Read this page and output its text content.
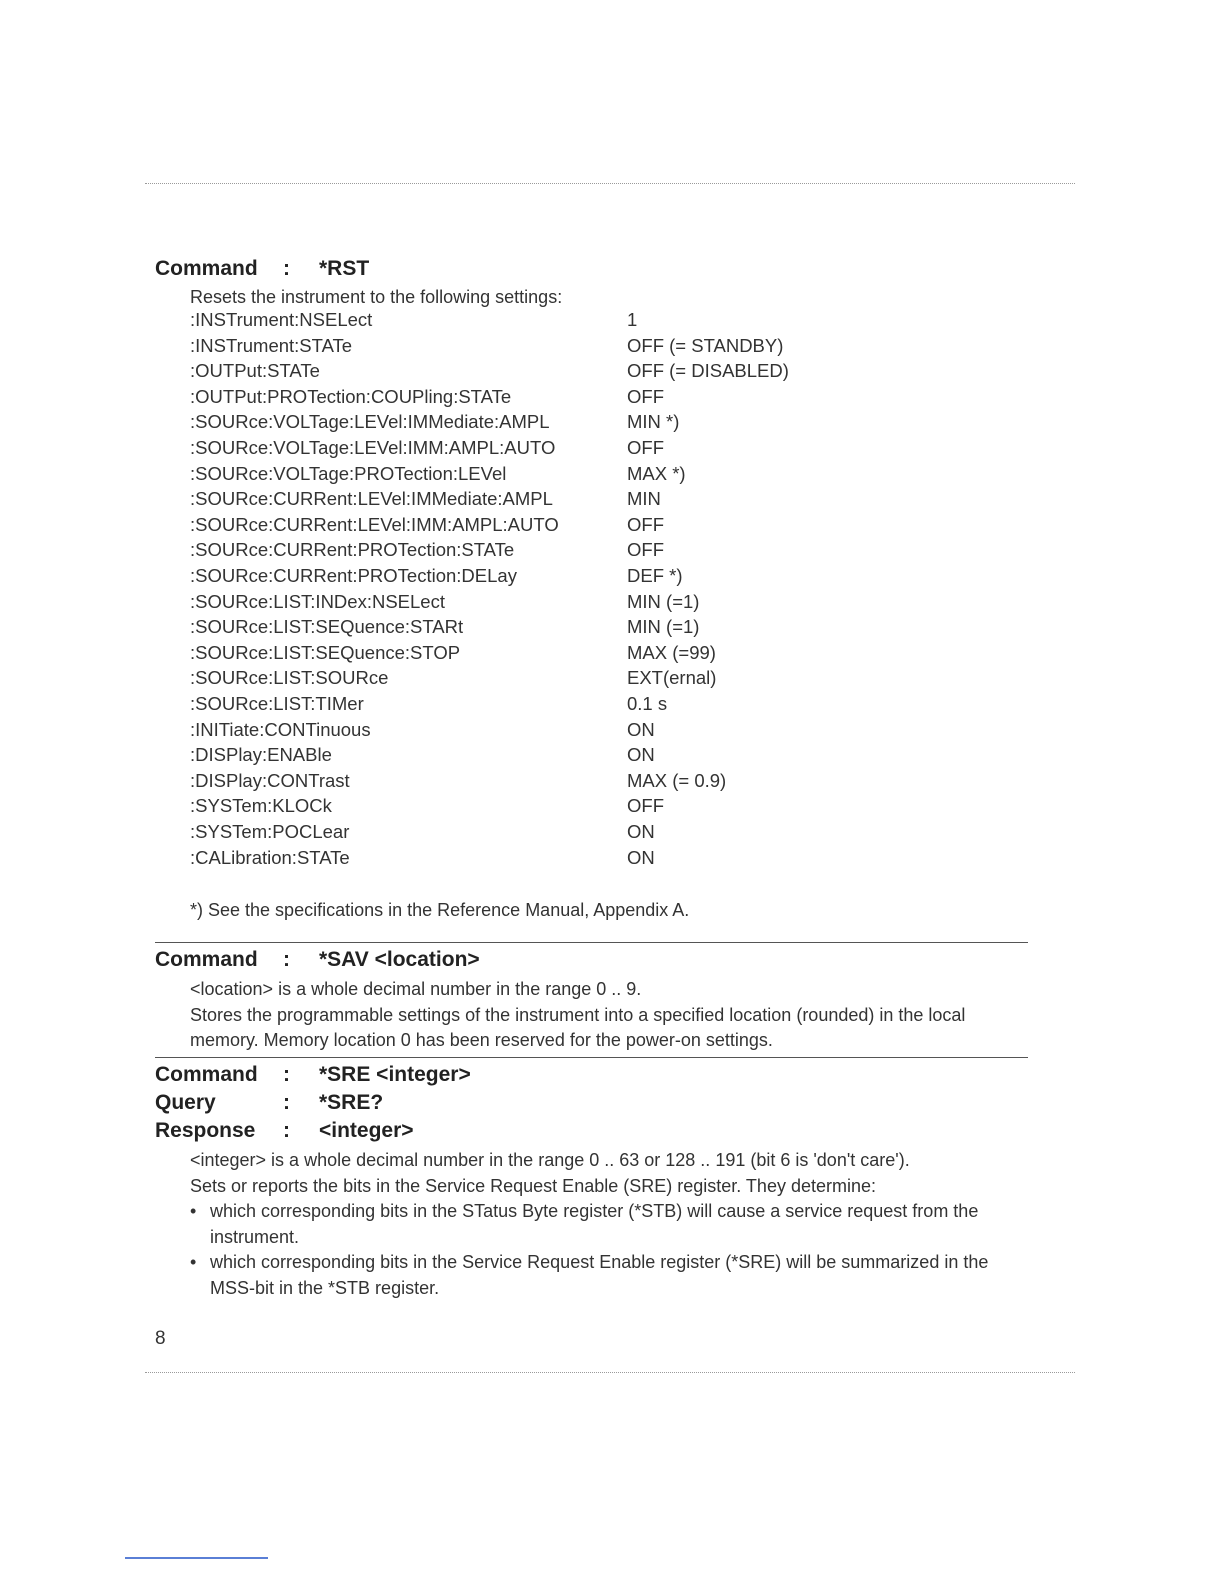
Command : *RST
Resets the instrument to the following settings:
:INSTrument:NSELect	1
:INSTrument:STATe	OFF (= STANDBY)
:OUTPut:STATe	OFF (= DISABLED)
:OUTPut:PROTection:COUPling:STATe	OFF
:SOURce:VOLTage:LEVel:IMMediate:AMPL	MIN *)
:SOURce:VOLTage:LEVel:IMM:AMPL:AUTO	OFF
:SOURce:VOLTage:PROTection:LEVel	MAX *)
:SOURce:CURRent:LEVel:IMMediate:AMPL	MIN
:SOURce:CURRent:LEVel:IMM:AMPL:AUTO	OFF
:SOURce:CURRent:PROTection:STATe	OFF
:SOURce:CURRent:PROTection:DELay	DEF *)
:SOURce:LIST:INDex:NSELect	MIN (=1)
:SOURce:LIST:SEQuence:STARt	MIN (=1)
:SOURce:LIST:SEQuence:STOP	MAX (=99)
:SOURce:LIST:SOURce	EXT(ernal)
:SOURce:LIST:TIMer	0.1 s
:INITiate:CONTinuous	ON
:DISPlay:ENABle	ON
:DISPlay:CONTrast	MAX (= 0.9)
:SYSTem:KLOCk	OFF
:SYSTem:POCLear	ON
:CALibration:STATe	ON
*) See the specifications in the Reference Manual, Appendix A.
Command : *SAV <location>
<location> is a whole decimal number in the range 0 .. 9.
Stores the programmable settings of the instrument into a specified location (rounded) in the local memory. Memory location 0 has been reserved for the power-on settings.
Command : *SRE <integer>
Query	: *SRE?
Response : <integer>
<integer> is a whole decimal number in the range 0 .. 63 or 128 .. 191 (bit 6 is 'don't care').
Sets or reports the bits in the Service Request Enable (SRE) register. They determine:
• which corresponding bits in the STatus Byte register (*STB) will cause a service request from the instrument.
• which corresponding bits in the Service Request Enable register (*SRE) will be summarized in the MSS-bit in the *STB register.
8
